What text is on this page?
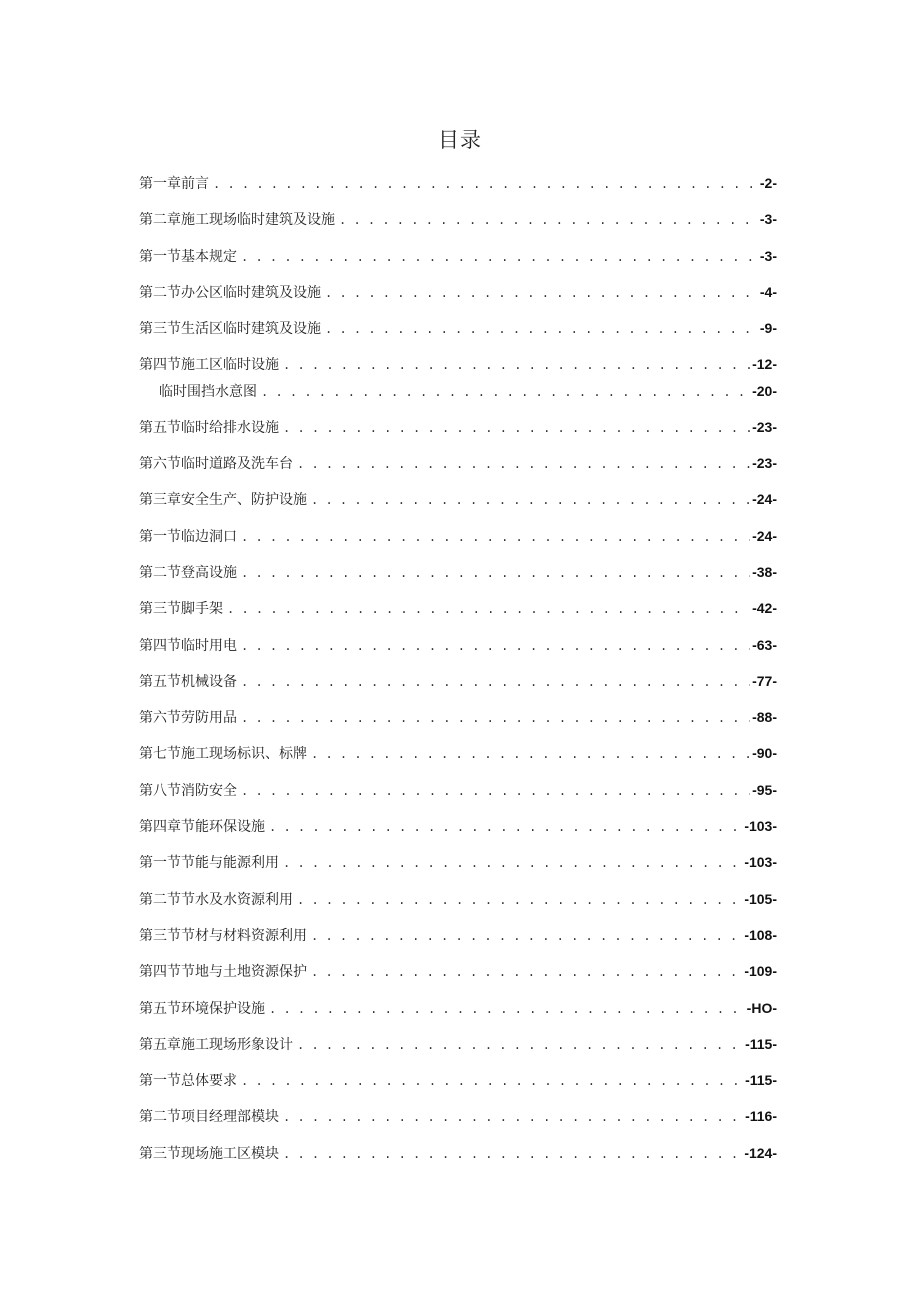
目录
第一章前言 . . .	-2-
第二章施工现场临时建筑及设施 . . .	-3-
第一节基本规定 . . .	-3-
第二节办公区临时建筑及设施 . . .	-4-
第三节生活区临时建筑及设施 . . .	-9-
第四节施工区临时设施 . . .	-12-
临时围挡水意图 . . .	-20-
第五节临时给排水设施 . . .	-23-
第六节临时道路及洗车台 . . .	-23-
第三章安全生产、防护设施 . . .	-24-
第一节临边洞口 . . .	-24-
第二节登高设施 . . .	-38-
第三节脚手架 . . .	-42-
第四节临时用电 . . .	-63-
第五节机械设备 . . .	-77-
第六节劳防用品 . . .	-88-
第七节施工现场标识、标牌 . . .	-90-
第八节消防安全 . . .	-95-
第四章节能环保设施 . . .	-103-
第一节节能与能源利用 . . .	-103-
第二节节水及水资源利用 . . .	-105-
第三节节材与材料资源利用 . . .	-108-
第四节节地与土地资源保护 . . .	-109-
第五节环境保护设施 . . .	-HO-
第五章施工现场形象设计 . . .	-115-
第一节总体要求 . . .	-115-
第二节项目经理部模块 . . .	-116-
第三节现场施工区模块 . . .	-124-
